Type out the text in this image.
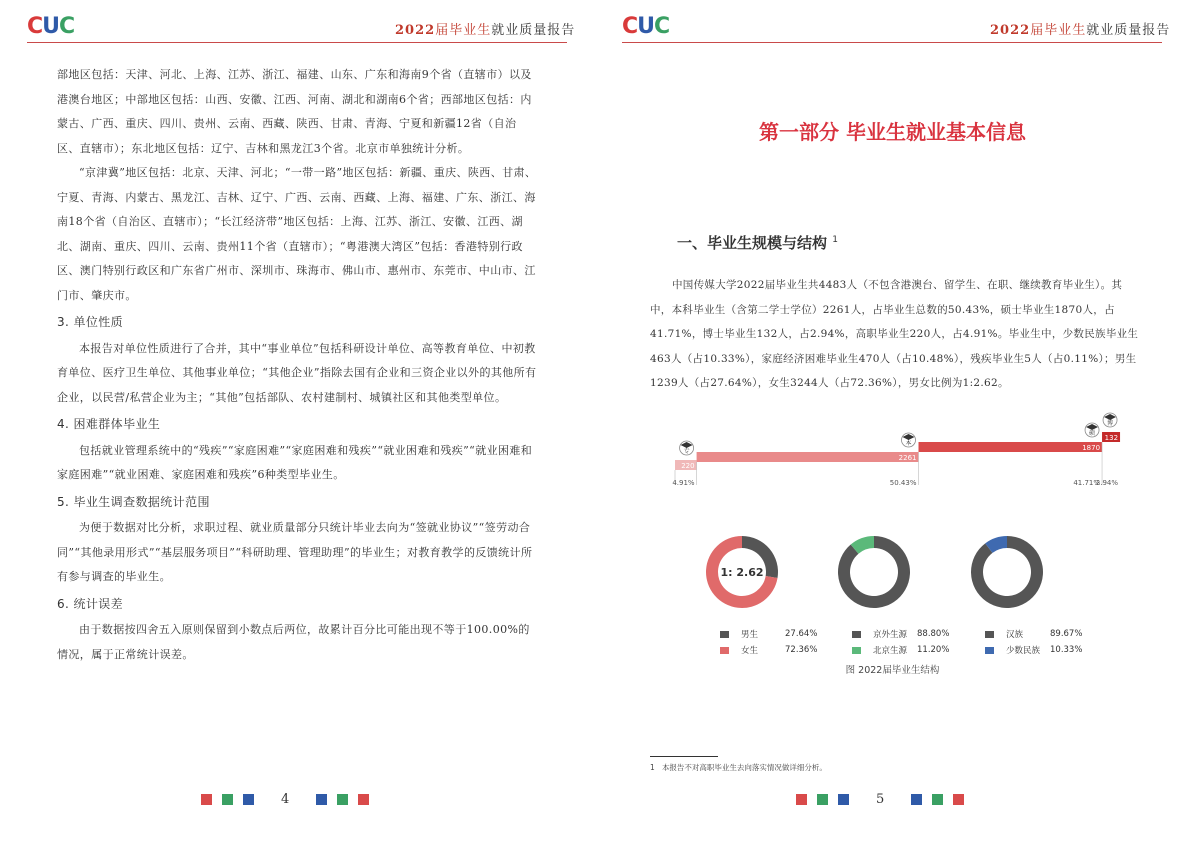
CUC	2022届毕业生就业质量报告

部地区包括：天津、河北、上海、江苏、浙江、福建、山东、广东和海南9个省（直辖市）以及港澳台地区；中部地区包括：山西、安徽、江西、河南、湖北和湖南6个省；西部地区包括：内蒙古、广西、重庆、四川、贵州、云南、西藏、陕西、甘肃、青海、宁夏和新疆12省（自治区、直辖市）；东北地区包括：辽宁、吉林和黑龙江3个省。北京市单独统计分析。

“京津冀”地区包括：北京、天津、河北；“一带一路”地区包括：新疆、重庆、陕西、甘肃、宁夏、青海、内蒙古、黑龙江、吉林、辽宁、广西、云南、西藏、上海、福建、广东、浙江、海南18个省（自治区、直辖市）；“长江经济带”地区包括：上海、江苏、浙江、安徽、江西、湖北、湖南、重庆、四川、云南、贵州11个省（直辖市）；“粤港澳大湾区”包括：香港特别行政区、澳门特别行政区和广东省广州市、深圳市、珠海市、佛山市、惠州市、东莞市、中山市、江门市、肇庆市。

3. 单位性质

本报告对单位性质进行了合并，其中“事业单位”包括科研设计单位、高等教育单位、中初教育单位、医疗卫生单位、其他事业单位；“其他企业”指除去国有企业和三资企业以外的其他所有企业，以民营/私营企业为主；“其他”包括部队、农村建制村、城镇社区和其他类型单位。

4. 困难群体毕业生

包括就业管理系统中的“残疾”“家庭困难”“家庭困难和残疾”“就业困难和残疾”“就业困难和家庭困难”“就业困难、家庭困难和残疾”6种类型毕业生。

5. 毕业生调查数据统计范围

为便于数据对比分析，求职过程、就业质量部分只统计毕业去向为“签就业协议”“签劳动合同”“其他录用形式”“基层服务项目”“科研助理、管理助理”的毕业生；对教育教学的反馈统计所有参与调查的毕业生。

6. 统计误差

由于数据按四舍五入原则保留到小数点后两位，故累计百分比可能出现不等于100.00%的情况，属于正常统计误差。

4
CUC	2022届毕业生就业质量报告
第一部分 毕业生就业基本信息
一、毕业生规模与结构 $^1$
中国传媒大学2022届毕业生共4483人（不包含港澳台、留学生、在职、继续教育毕业生）。其中，本科毕业生（含第二学士学位）2261人，占毕业生总数的50.43%，硕士毕业生1870人，占41.71%，博士毕业生132人，占2.94%，高职毕业生220人，占4.91%。毕业生中，少数民族毕业生463人（占10.33%），家庭经济困难毕业生470人（占10.48%），残疾毕业生5人（占0.11%）；男生1239人（占27.64%），女生3244人（占72.36%），男女比例为1:2.62。
220
4.91%
专
2261
50.43%
本
1870
41.71%
硕
132
2.94%
博
1: 2.62
男生	27.64%
女生	72.36%
京外生源	88.80%
北京生源	11.20%
汉族	89.67%
少数民族	10.33%
图 2022届毕业生结构
1 本报告不对高职毕业生去向落实情况做详细分析。
5
